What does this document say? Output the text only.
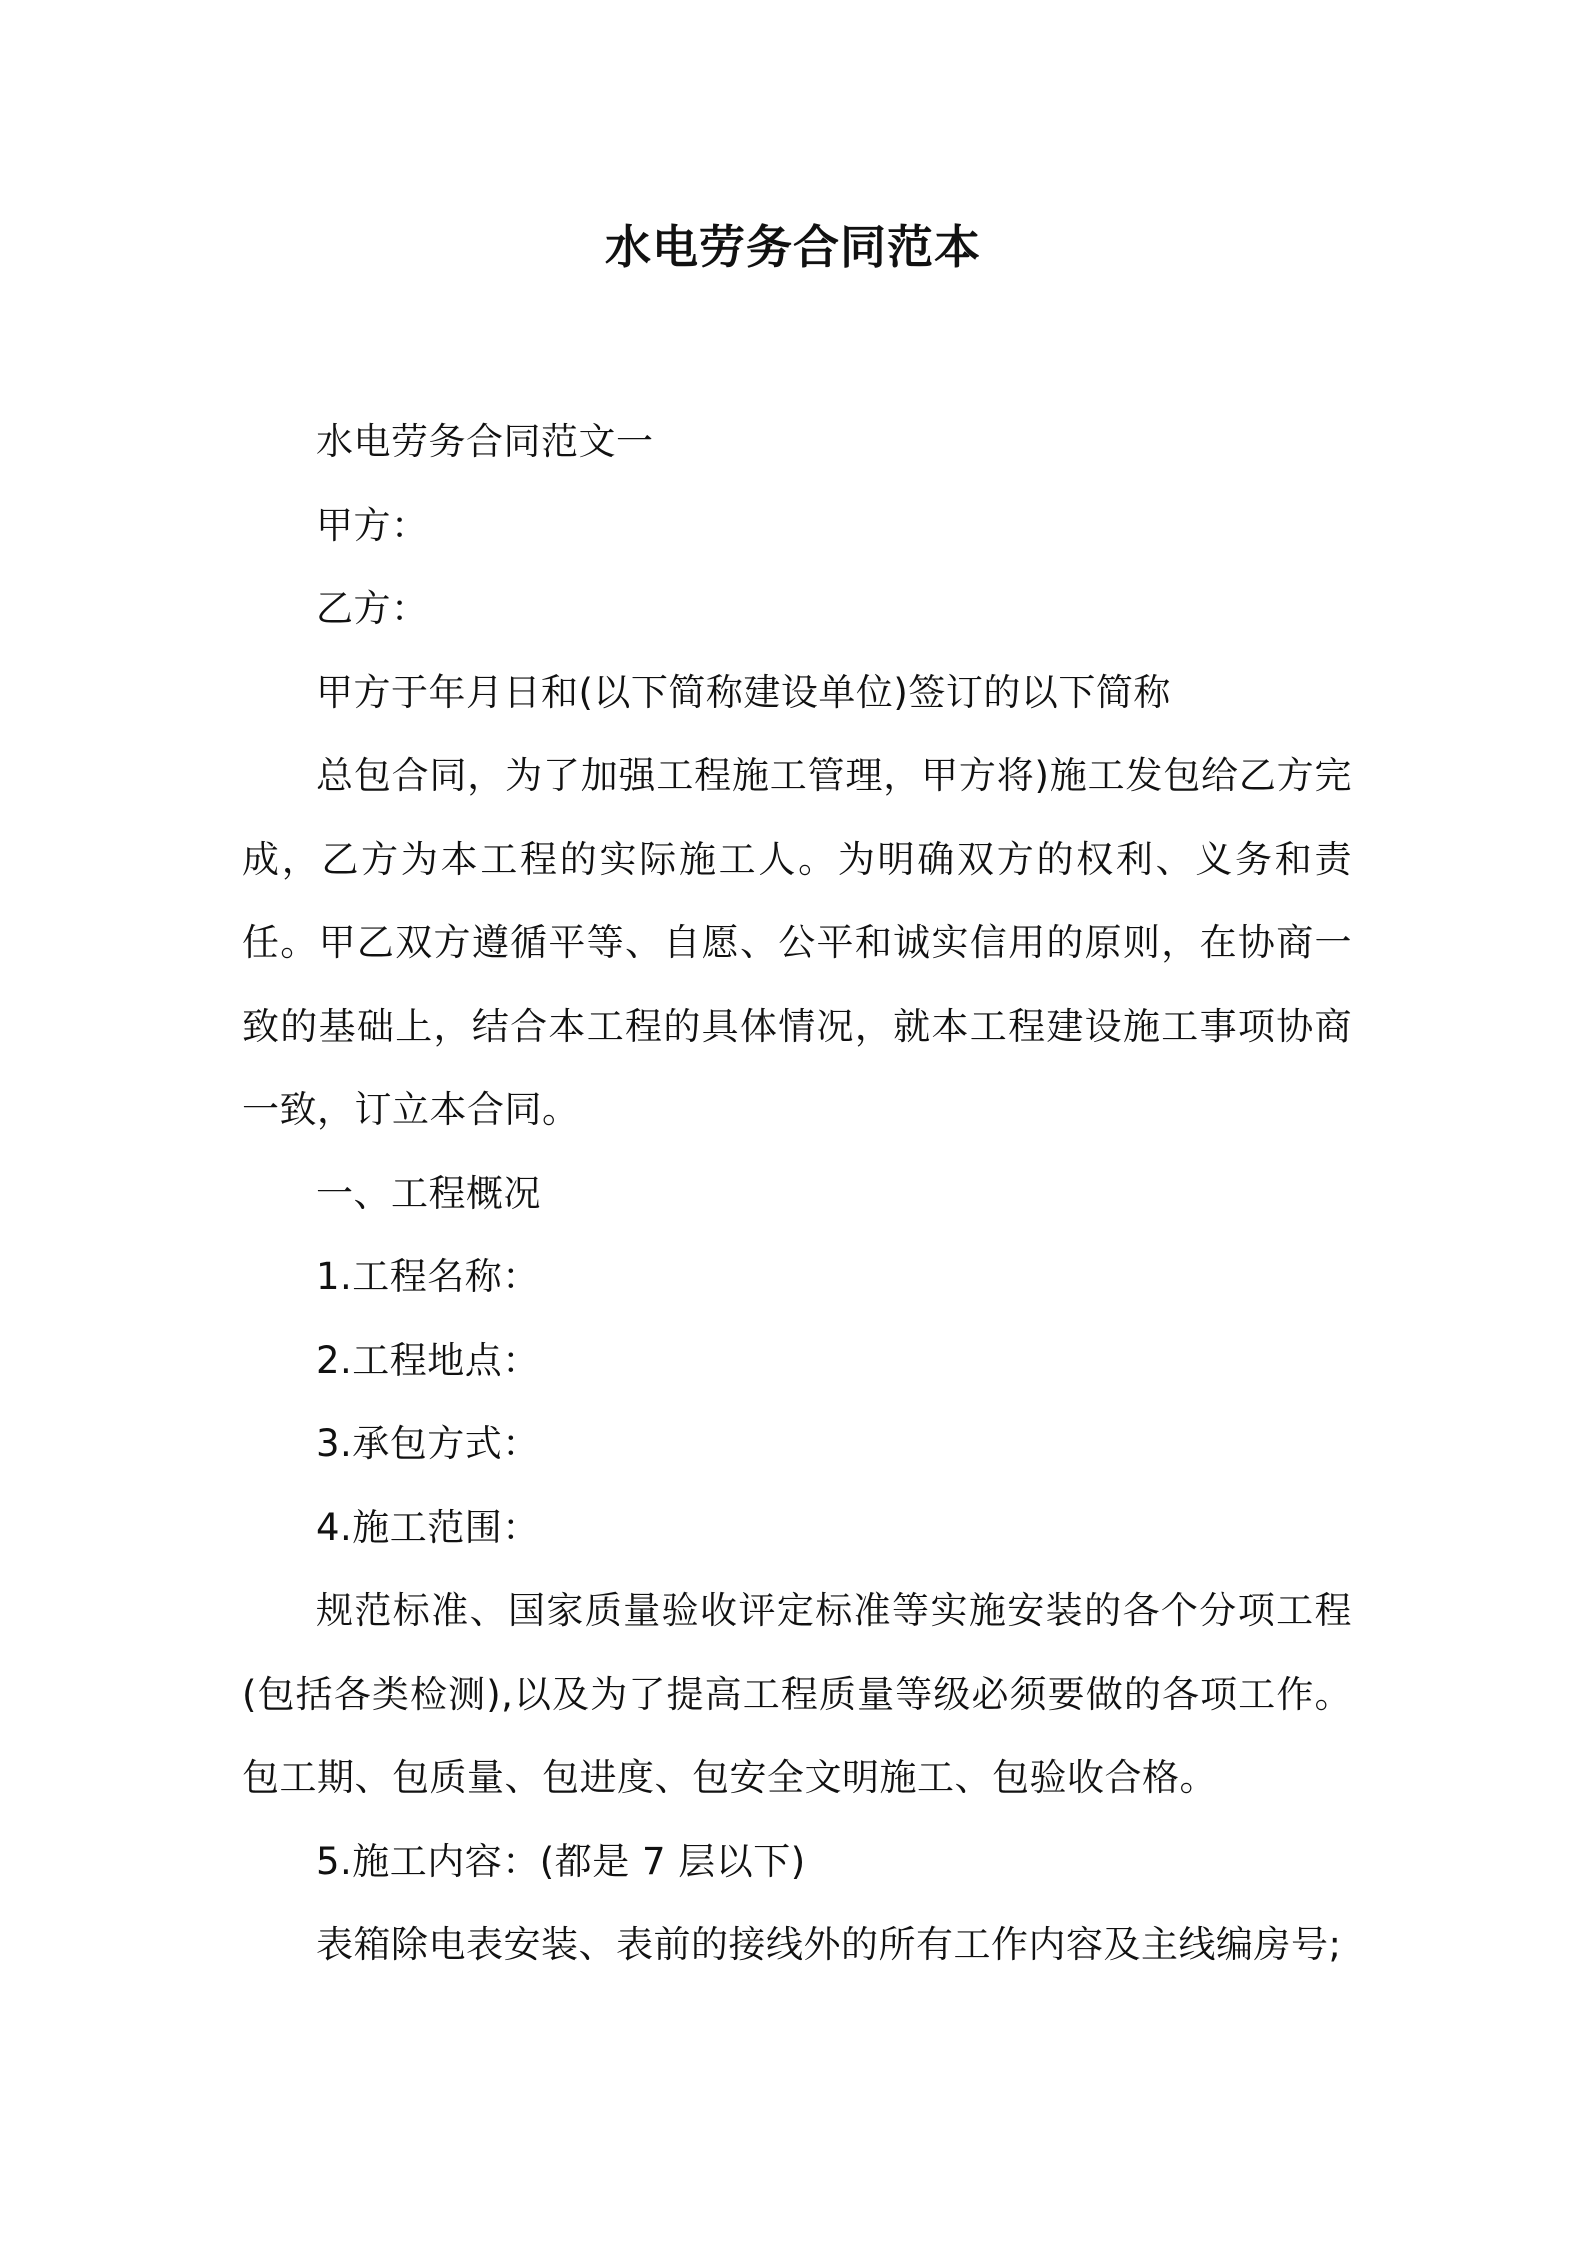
水电劳务合同范本

水电劳务合同范文一

甲方：

乙方：

甲方于年月日和(以下简称建设单位)签订的以下简称

总包合同，为了加强工程施工管理，甲方将)施工发包给乙方完成，乙方为本工程的实际施工人。为明确双方的权利、义务和责任。甲乙双方遵循平等、自愿、公平和诚实信用的原则，在协商一致的基础上，结合本工程的具体情况，就本工程建设施工事项协商一致，订立本合同。

一、工程概况

1.工程名称：

2.工程地点：

3.承包方式：

4.施工范围：

规范标准、国家质量验收评定标准等实施安装的各个分项工程(包括各类检测),以及为了提高工程质量等级必须要做的各项工作。包工期、包质量、包进度、包安全文明施工、包验收合格。

5.施工内容：(都是 7 层以下)

表箱除电表安装、表前的接线外的所有工作内容及主线编房号;
